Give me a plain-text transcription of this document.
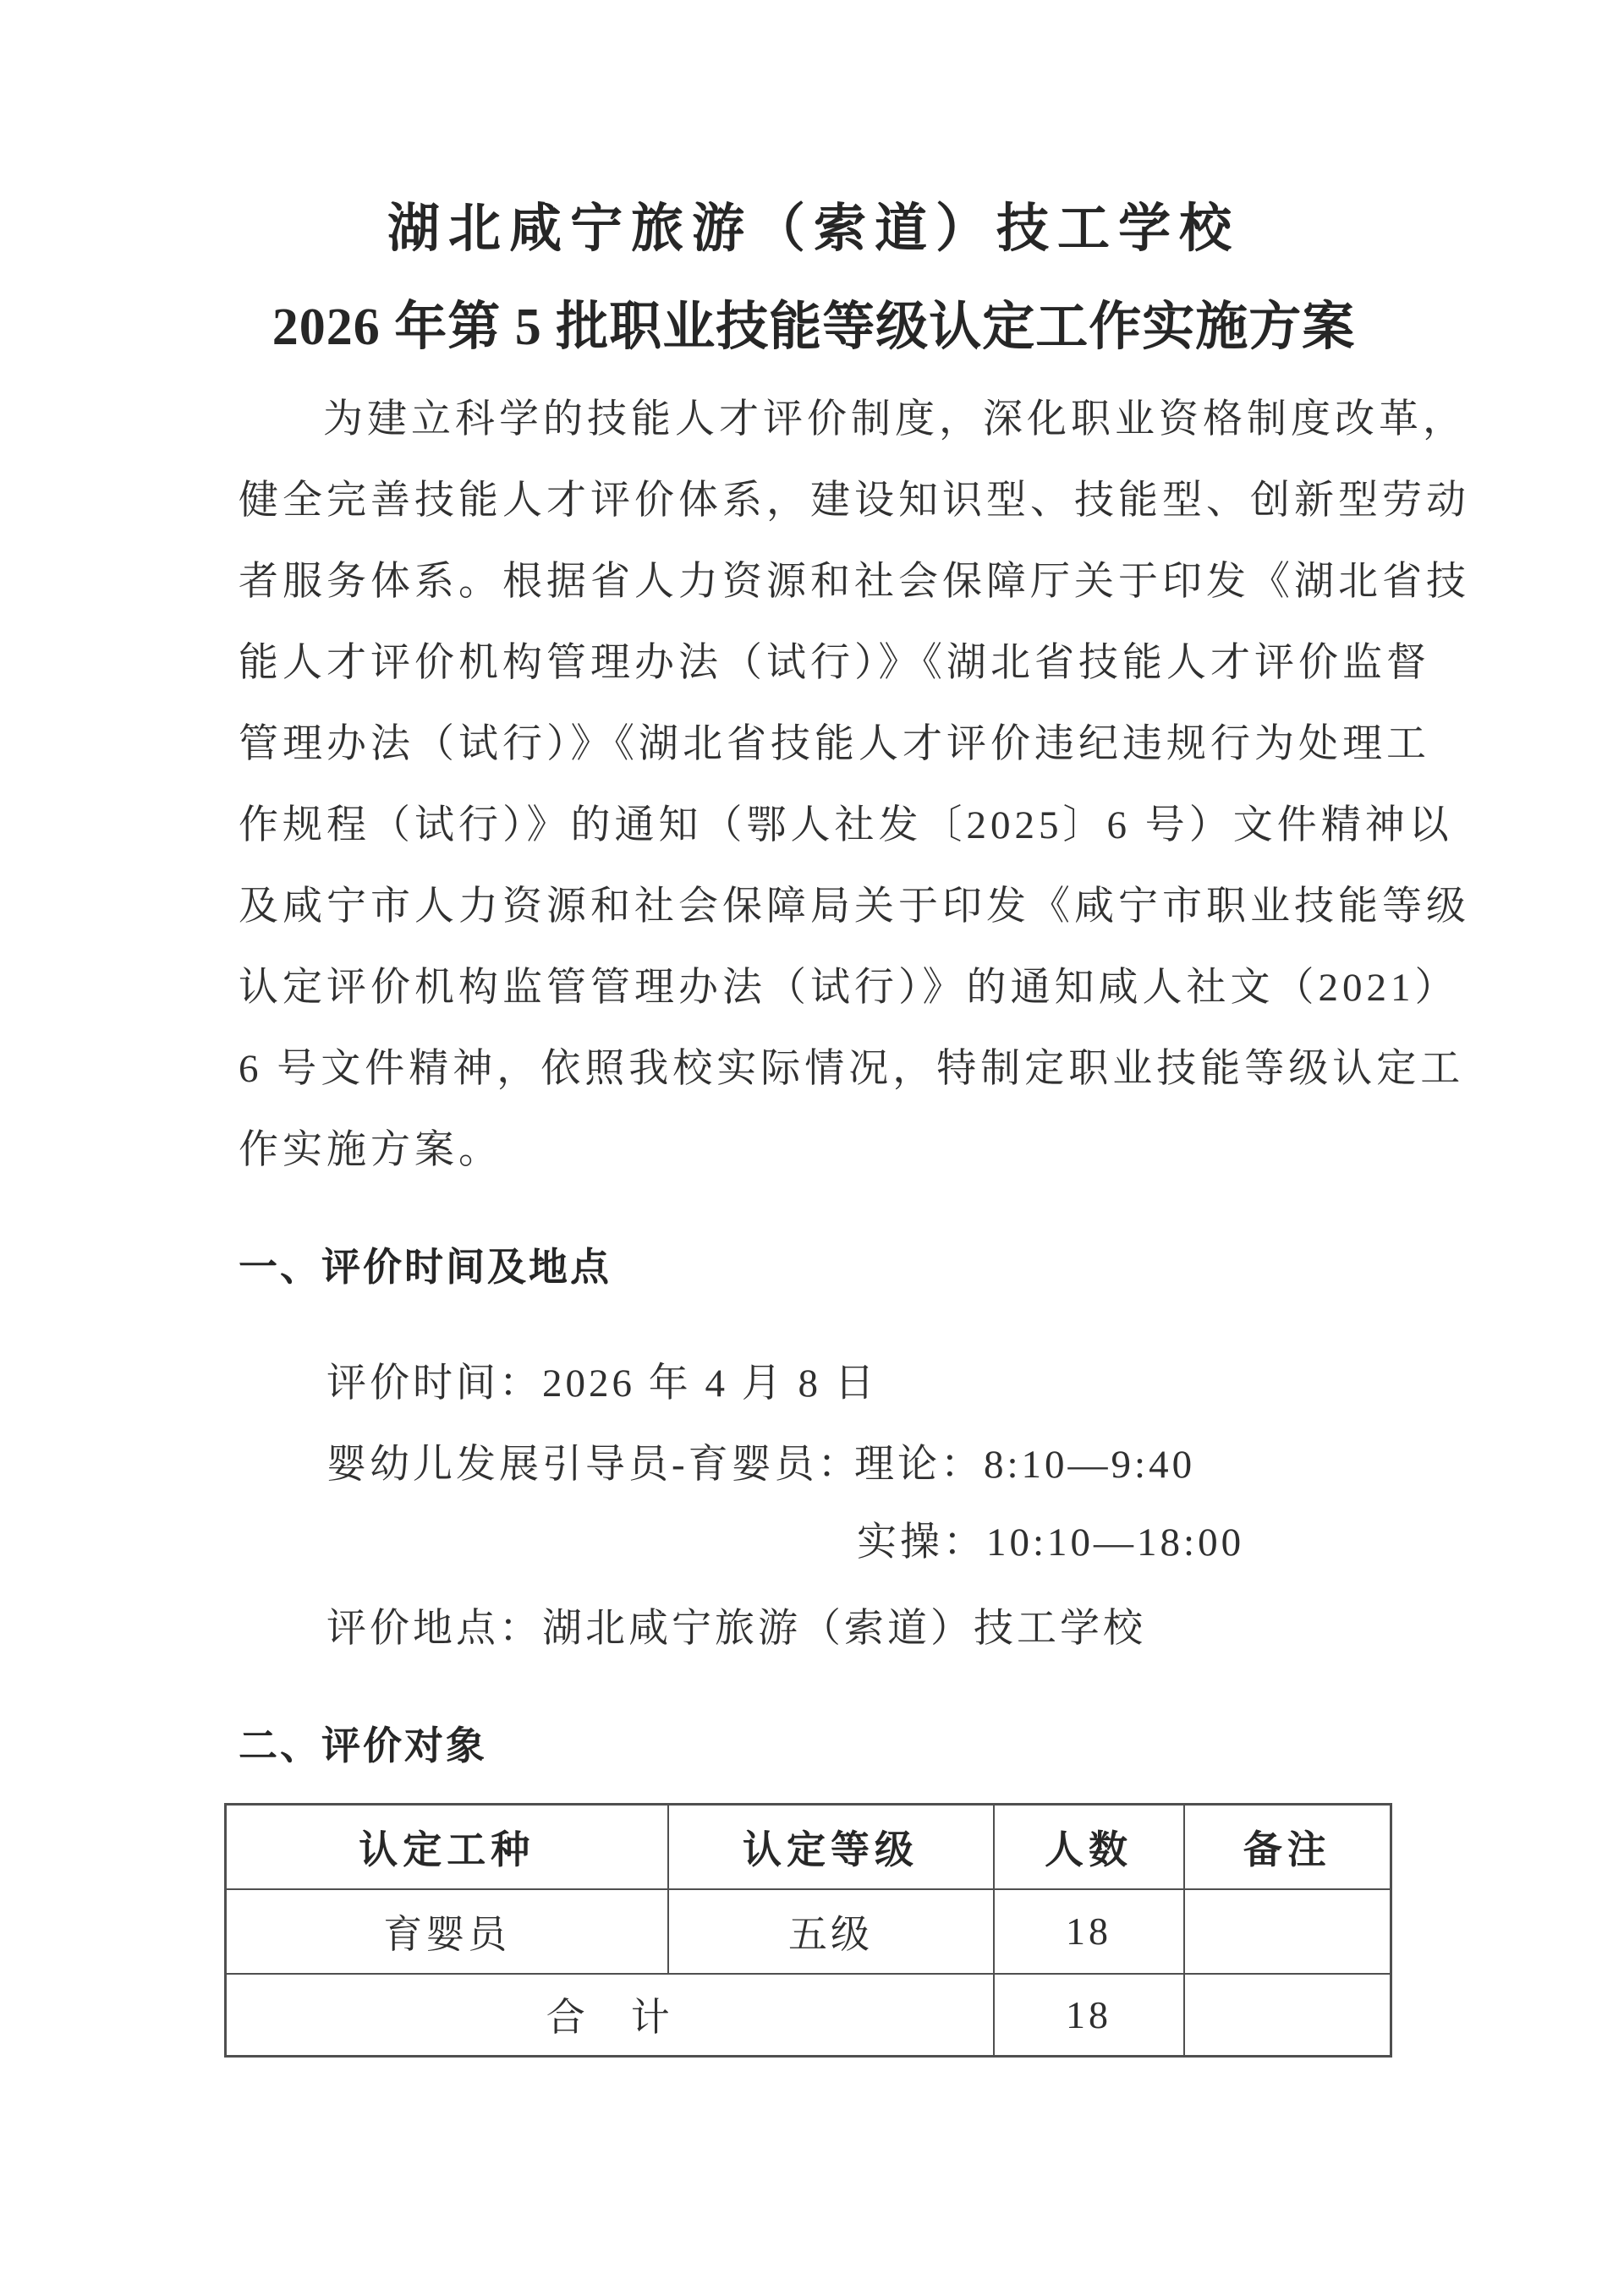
湖北咸宁旅游（索道）技工学校
2026 年第 5 批职业技能等级认定工作实施方案
为建立科学的技能人才评价制度，深化职业资格制度改革，
健全完善技能人才评价体系，建设知识型、技能型、创新型劳动
者服务体系。根据省人力资源和社会保障厅关于印发《湖北省技
能人才评价机构管理办法（试行）》《湖北省技能人才评价监督
管理办法（试行）》《湖北省技能人才评价违纪违规行为处理工
作规程（试行）》的通知（鄂人社发〔2025〕6 号）文件精神以
及咸宁市人力资源和社会保障局关于印发《咸宁市职业技能等级
认定评价机构监管管理办法（试行）》的通知咸人社文（2021）
6 号文件精神，依照我校实际情况，特制定职业技能等级认定工
作实施方案。
一、评价时间及地点
评价时间：2026 年 4 月 8 日
婴幼儿发展引导员-育婴员：
理论：8:10—9:40
实操：10:10—18:00
评价地点：湖北咸宁旅游（索道）技工学校
二、评价对象
认定工种	认定等级	人数	备注
育婴员	五级	18	
合　计		18	
